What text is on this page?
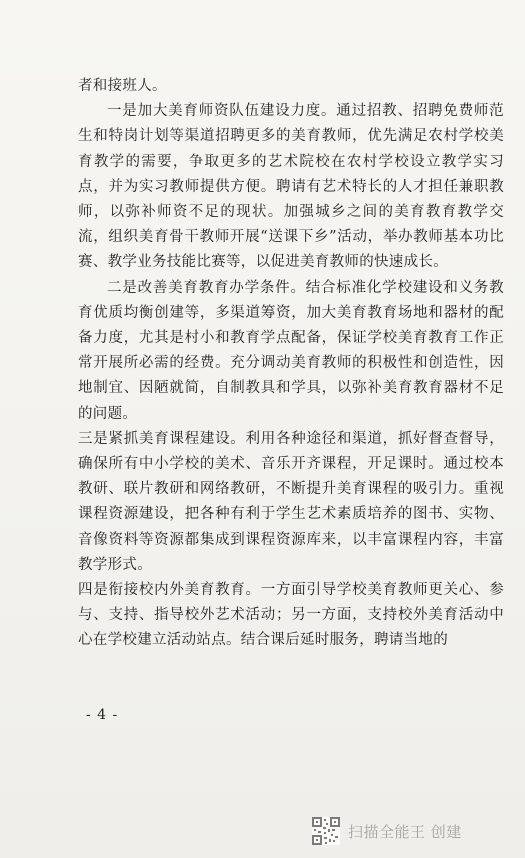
者和接班人。

一是加大美育师资队伍建设力度。通过招教、招聘免费师范生和特岗计划等渠道招聘更多的美育教师，优先满足农村学校美育教学的需要，争取更多的艺术院校在农村学校设立教学实习点，并为实习教师提供方便。聘请有艺术特长的人才担任兼职教师，以弥补师资不足的现状。加强城乡之间的美育教育教学交流，组织美育骨干教师开展“送课下乡”活动，举办教师基本功比赛、教学业务技能比赛等，以促进美育教师的快速成长。

二是改善美育教育办学条件。结合标准化学校建设和义务教育优质均衡创建等，多渠道筹资，加大美育教育场地和器材的配备力度，尤其是村小和教育学点配备，保证学校美育教育工作正常开展所必需的经费。充分调动美育教师的积极性和创造性，因地制宜、因陋就简，自制教具和学具，以弥补美育教育器材不足的问题。

三是紧抓美育课程建设。利用各种途径和渠道，抓好督查督导，确保所有中小学校的美术、音乐开齐课程，开足课时。通过校本教研、联片教研和网络教研，不断提升美育课程的吸引力。重视课程资源建设，把各种有利于学生艺术素质培养的图书、实物、音像资料等资源都集成到课程资源库来，以丰富课程内容，丰富教学形式。

四是衔接校内外美育教育。一方面引导学校美育教师更关心、参与、支持、指导校外艺术活动；另一方面，支持校外美育活动中心在学校建立活动站点。结合课后延时服务，聘请当地的

- 4 -
扫描全能王 创建
